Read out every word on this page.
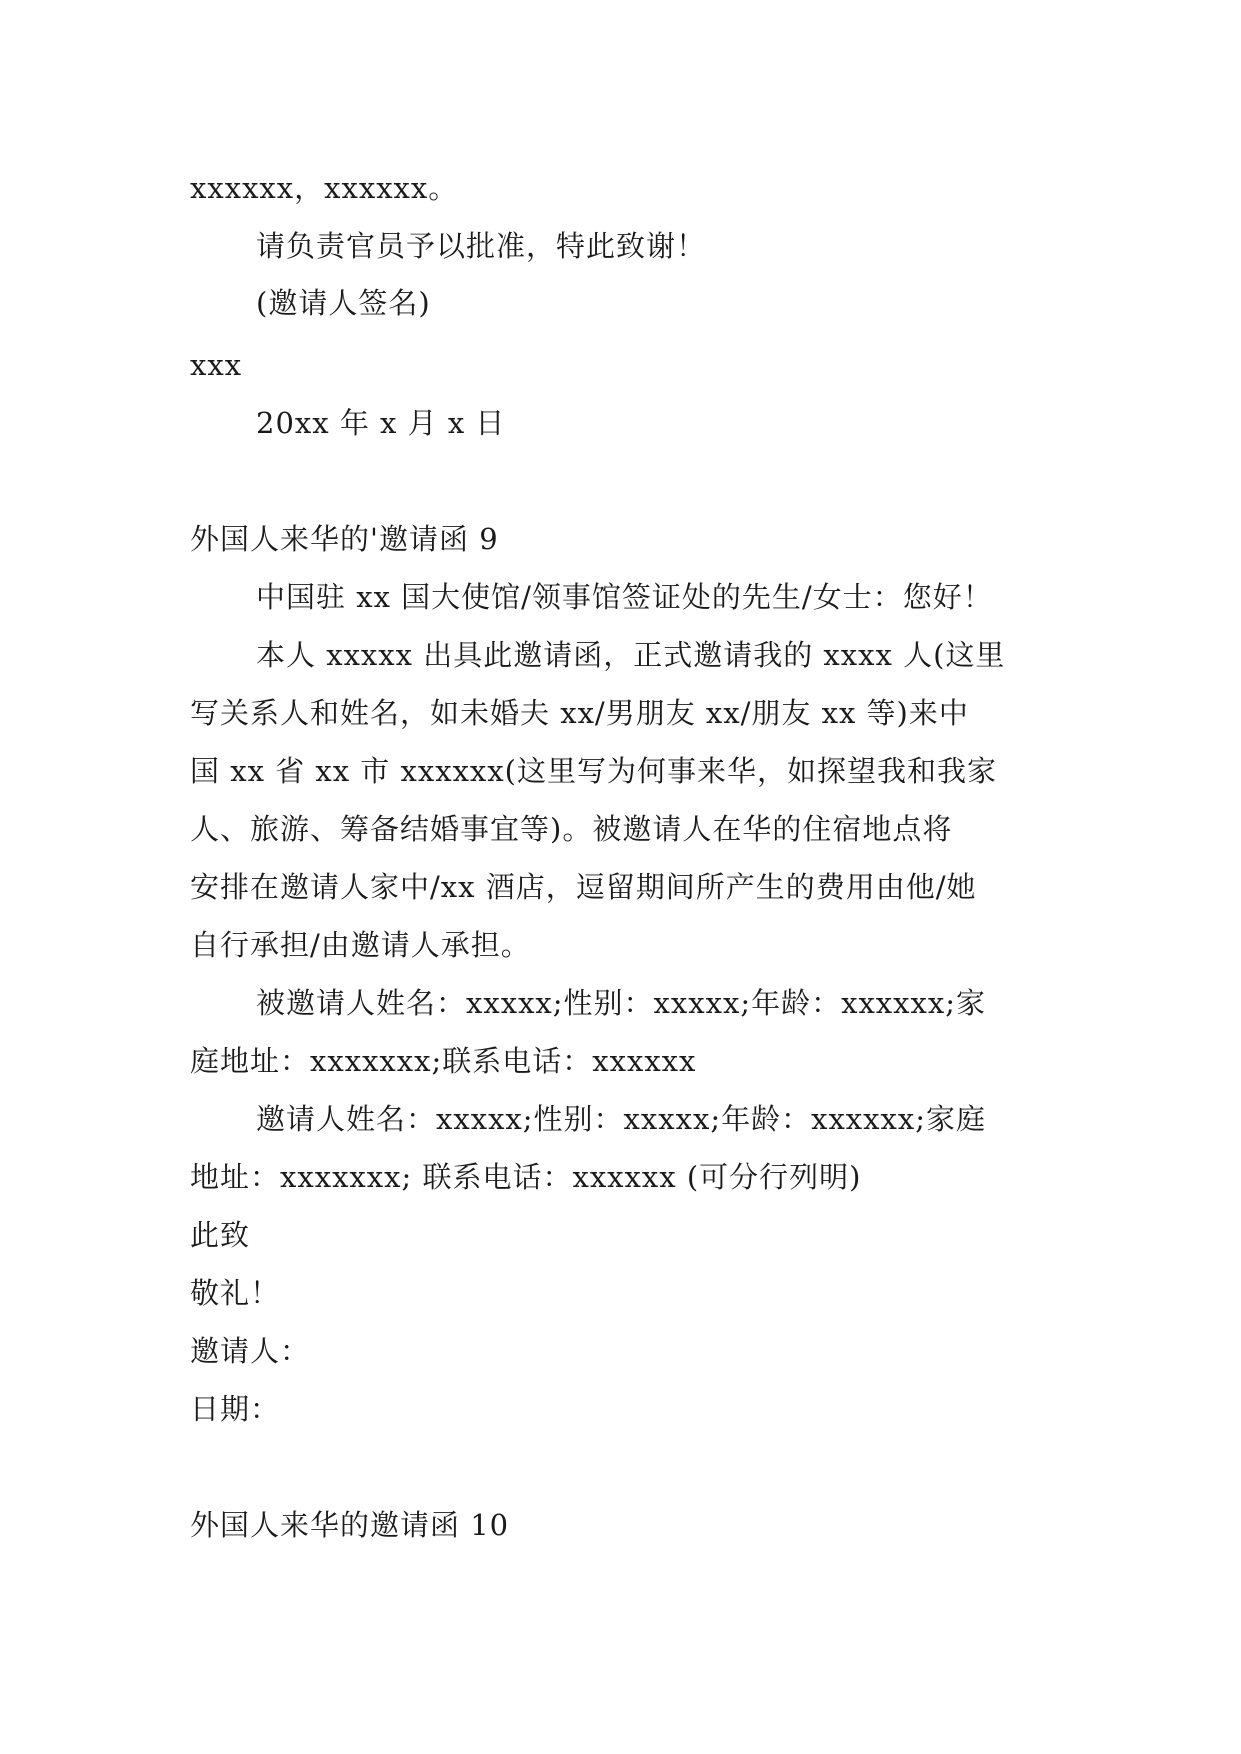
xxxxxx，xxxxxx。
请负责官员予以批准，特此致谢！
(邀请人签名)
xxx
20xx 年 x 月 x 日
外国人来华的'邀请函 9
中国驻 xx 国大使馆/领事馆签证处的先生/女士：您好！
本人 xxxxx 出具此邀请函，正式邀请我的 xxxx 人(这里
写关系人和姓名，如未婚夫 xx/男朋友 xx/朋友 xx 等)来中
国 xx 省 xx 市 xxxxxx(这里写为何事来华，如探望我和我家
人、旅游、筹备结婚事宜等)。被邀请人在华的住宿地点将
安排在邀请人家中/xx 酒店，逗留期间所产生的费用由他/她
自行承担/由邀请人承担。
被邀请人姓名：xxxxx;性别：xxxxx;年龄：xxxxxx;家
庭地址：xxxxxxx;联系电话：xxxxxx
邀请人姓名：xxxxx;性别：xxxxx;年龄：xxxxxx;家庭
地址：xxxxxxx; 联系电话：xxxxxx (可分行列明)
此致
敬礼！
邀请人：
日期：
外国人来华的邀请函 10
